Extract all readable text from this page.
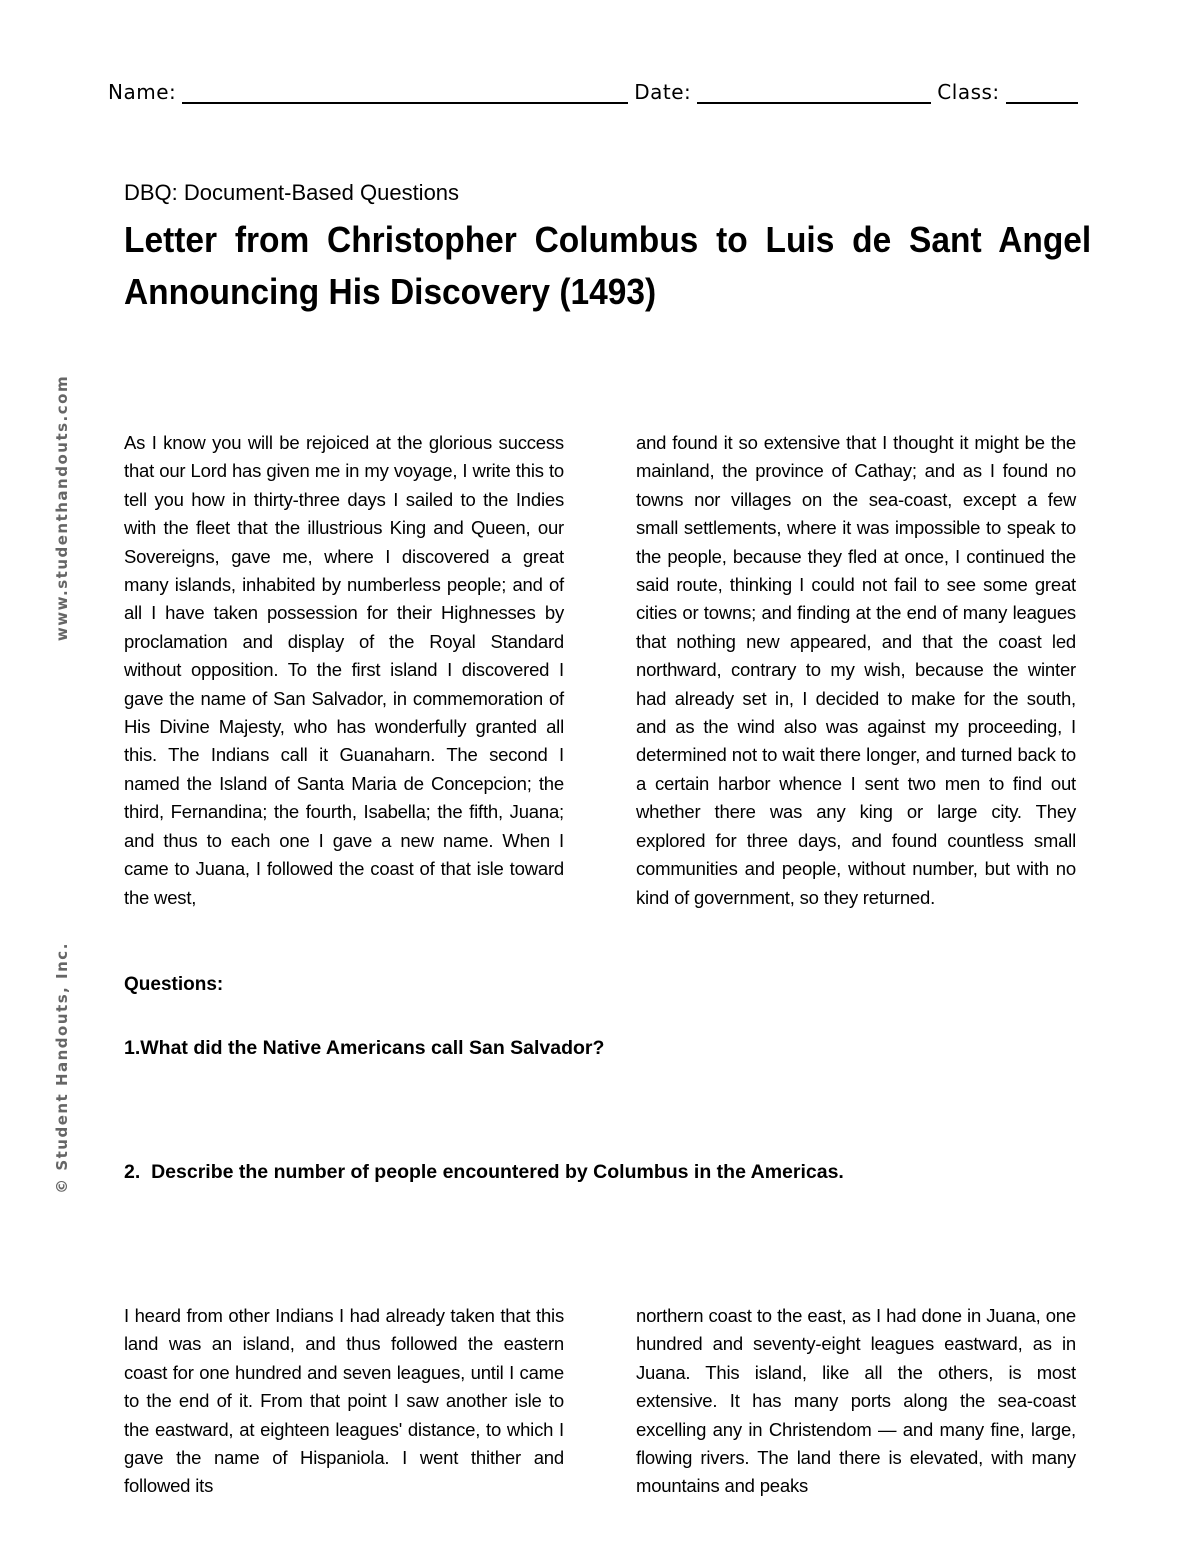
Name:	Date:	Class:
www.studenthandouts.com
© Student Handouts, Inc.
DBQ: Document-Based Questions
Letter from Christopher Columbus to Luis de Sant Angel Announcing His Discovery (1493)
As I know you will be rejoiced at the glorious success that our Lord has given me in my voyage, I write this to tell you how in thirty-three days I sailed to the Indies with the fleet that the illustrious King and Queen, our Sovereigns, gave me, where I discovered a great many islands, inhabited by numberless people; and of all I have taken possession for their Highnesses by proclamation and display of the Royal Standard without opposition. To the first island I discovered I gave the name of San Salvador, in commemoration of His Divine Majesty, who has wonderfully granted all this. The Indians call it Guanaharn. The second I named the Island of Santa Maria de Concepcion; the third, Fernandina; the fourth, Isabella; the fifth, Juana; and thus to each one I gave a new name. When I came to Juana, I followed the coast of that isle toward the west,
and found it so extensive that I thought it might be the mainland, the province of Cathay; and as I found no towns nor villages on the sea-coast, except a few small settlements, where it was impossible to speak to the people, because they fled at once, I continued the said route, thinking I could not fail to see some great cities or towns; and finding at the end of many leagues that nothing new appeared, and that the coast led northward, contrary to my wish, because the winter had already set in, I decided to make for the south, and as the wind also was against my proceeding, I determined not to wait there longer, and turned back to a certain harbor whence I sent two men to find out whether there was any king or large city. They explored for three days, and found countless small communities and people, without number, but with no kind of government, so they returned.
Questions:
1.What did the Native Americans call San Salvador?
2.  Describe the number of people encountered by Columbus in the Americas.
I heard from other Indians I had already taken that this land was an island, and thus followed the eastern coast for one hundred and seven leagues, until I came to the end of it. From that point I saw another isle to the eastward, at eighteen leagues' distance, to which I gave the name of Hispaniola. I went thither and followed its
northern coast to the east, as I had done in Juana, one hundred and seventy-eight leagues eastward, as in Juana. This island, like all the others, is most extensive. It has many ports along the sea-coast excelling any in Christendom — and many fine, large, flowing rivers. The land there is elevated, with many mountains and peaks
